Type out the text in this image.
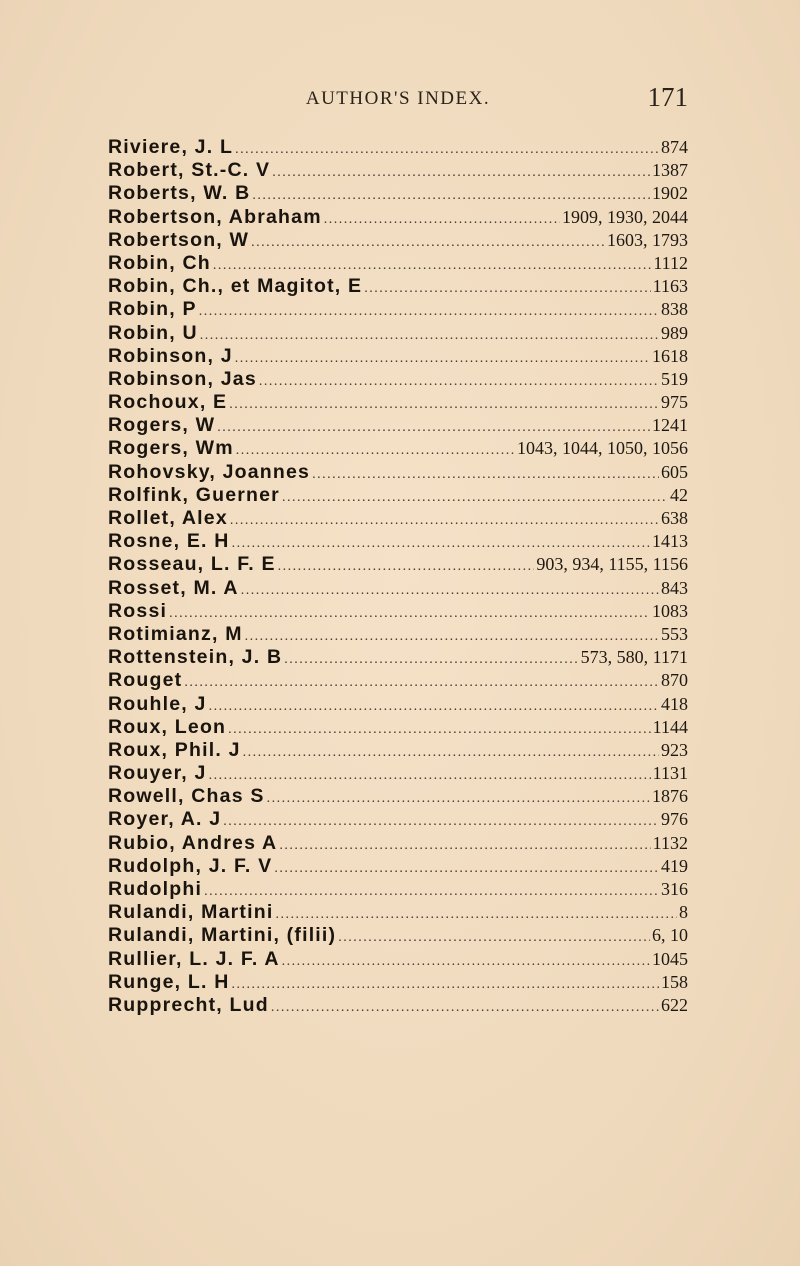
AUTHOR'S INDEX.	171
Riviere, J. L .....	874
Robert, St.-C. V .....	1387
Roberts, W. B .....	1902
Robertson, Abraham .....	1909, 1930, 2044
Robertson, W .....	1603, 1793
Robin, Ch .....	1112
Robin, Ch., et Magitot, E .....	1163
Robin, P .....	838
Robin, U .....	989
Robinson, J .....	1618
Robinson, Jas .....	519
Rochoux, E .....	975
Rogers, W .....	1241
Rogers, Wm .....	1043, 1044, 1050, 1056
Rohovsky, Joannes .....	605
Rolfink, Guerner .....	42
Rollet, Alex .....	638
Rosne, E. H .....	1413
Rosseau, L. F. E .....	903, 934, 1155, 1156
Rosset, M. A .....	843
Rossi .....	1083
Rotimianz, M .....	553
Rottenstein, J. B .....	573, 580, 1171
Rouget .....	870
Rouhle, J .....	418
Roux, Leon .....	1144
Roux, Phil. J .....	923
Rouyer, J .....	1131
Rowell, Chas S .....	1876
Royer, A. J .....	976
Rubio, Andres A .....	1132
Rudolph, J. F. V .....	419
Rudolphi .....	316
Rulandi, Martini .....	8
Rulandi, Martini, (filii) .....	6, 10
Rullier, L. J. F. A .....	1045
Runge, L. H .....	158
Rupprecht, Lud .....	622
